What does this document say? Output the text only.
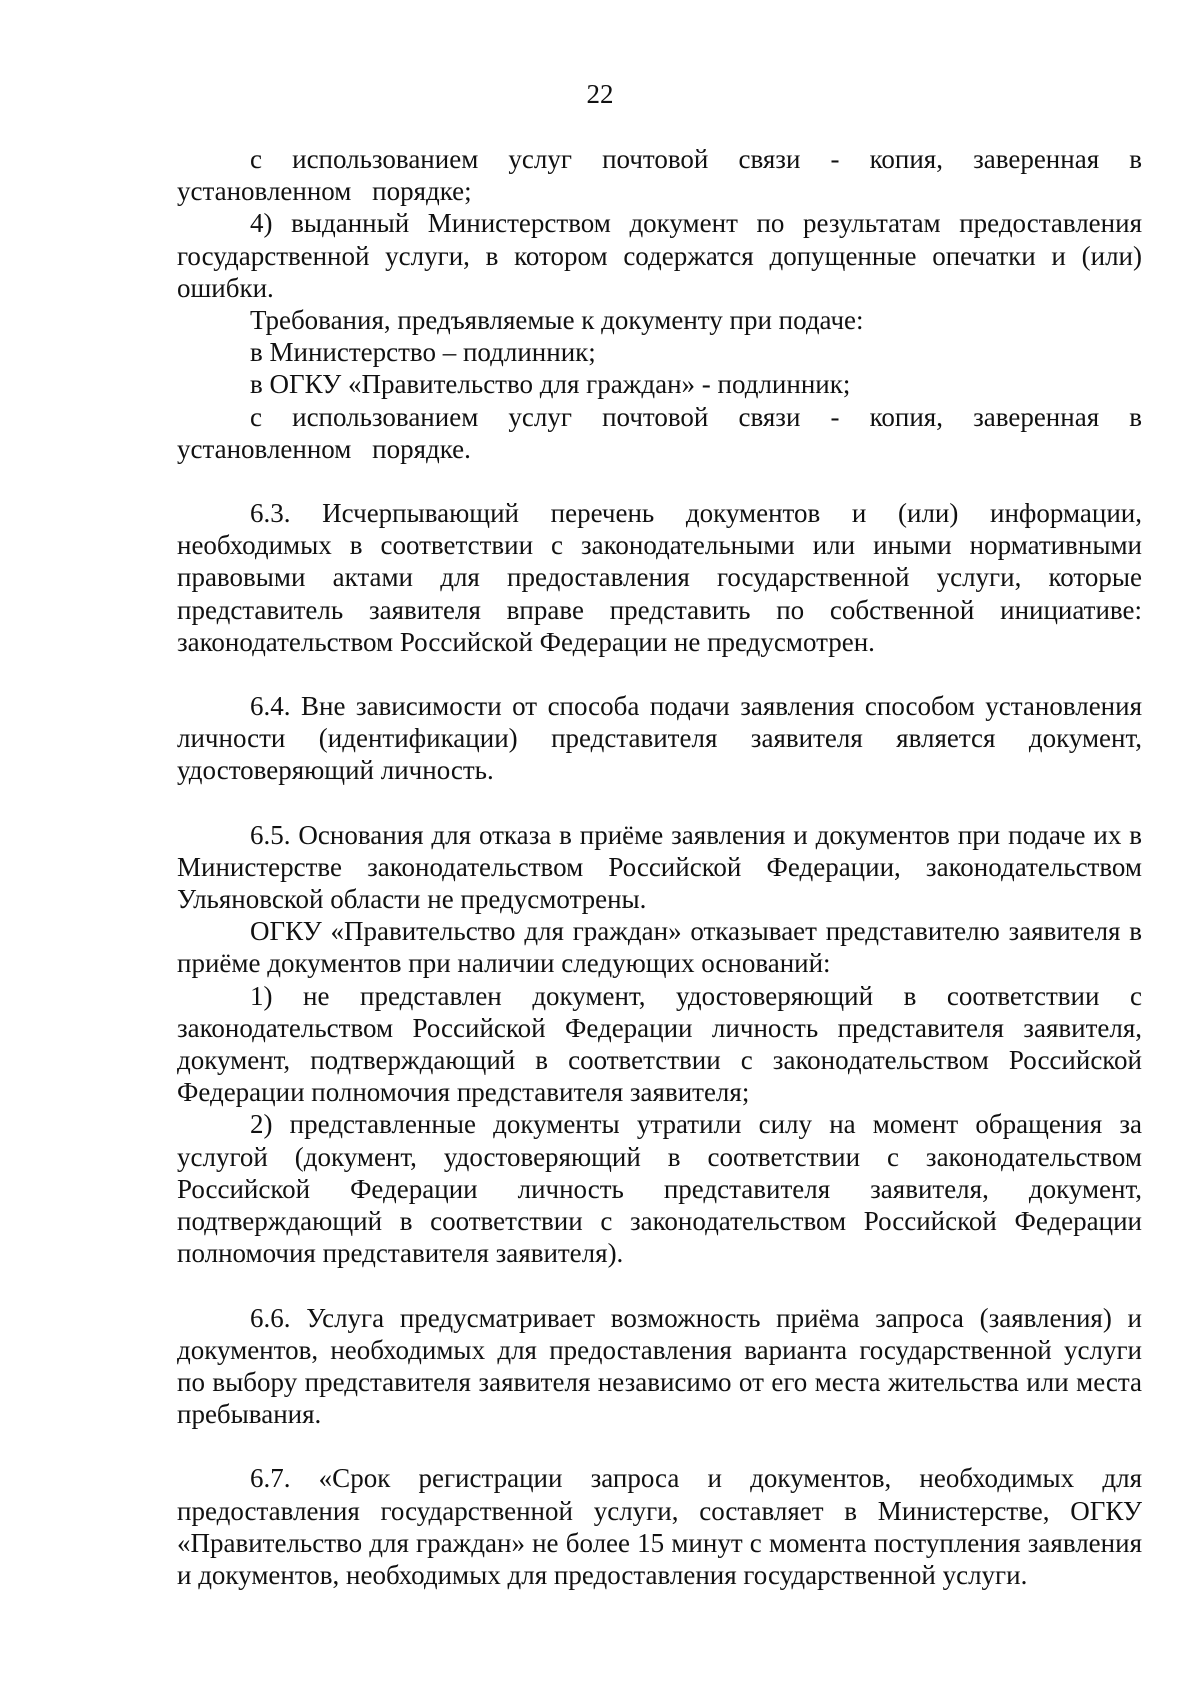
22

с использованием услуг почтовой связи - копия, заверенная в установленном порядке;

4) выданный Министерством документ по результатам предоставления государственной услуги, в котором содержатся допущенные опечатки и (или) ошибки.

Требования, предъявляемые к документу при подаче:

в Министерство – подлинник;

в ОГКУ «Правительство для граждан» - подлинник;

с использованием услуг почтовой связи - копия, заверенная в установленном порядке.

6.3. Исчерпывающий перечень документов и (или) информации, необходимых в соответствии с законодательными или иными нормативными правовыми актами для предоставления государственной услуги, которые представитель заявителя вправе представить по собственной инициативе: законодательством Российской Федерации не предусмотрен.

6.4. Вне зависимости от способа подачи заявления способом установления личности (идентификации) представителя заявителя является документ, удостоверяющий личность.

6.5. Основания для отказа в приёме заявления и документов при подаче их в Министерстве законодательством Российской Федерации, законодательством Ульяновской области не предусмотрены.

ОГКУ «Правительство для граждан» отказывает представителю заявителя в приёме документов при наличии следующих оснований:

1) не представлен документ, удостоверяющий в соответствии с законодательством Российской Федерации личность представителя заявителя, документ, подтверждающий в соответствии с законодательством Российской Федерации полномочия представителя заявителя;

2) представленные документы утратили силу на момент обращения за услугой (документ, удостоверяющий в соответствии с законодательством Российской Федерации личность представителя заявителя, документ, подтверждающий в соответствии с законодательством Российской Федерации полномочия представителя заявителя).

6.6. Услуга предусматривает возможность приёма запроса (заявления) и документов, необходимых для предоставления варианта государственной услуги по выбору представителя заявителя независимо от его места жительства или места пребывания.

6.7. «Срок регистрации запроса и документов, необходимых для предоставления государственной услуги, составляет в Министерстве, ОГКУ «Правительство для граждан» не более 15 минут с момента поступления заявления и документов, необходимых для предоставления государственной услуги.
